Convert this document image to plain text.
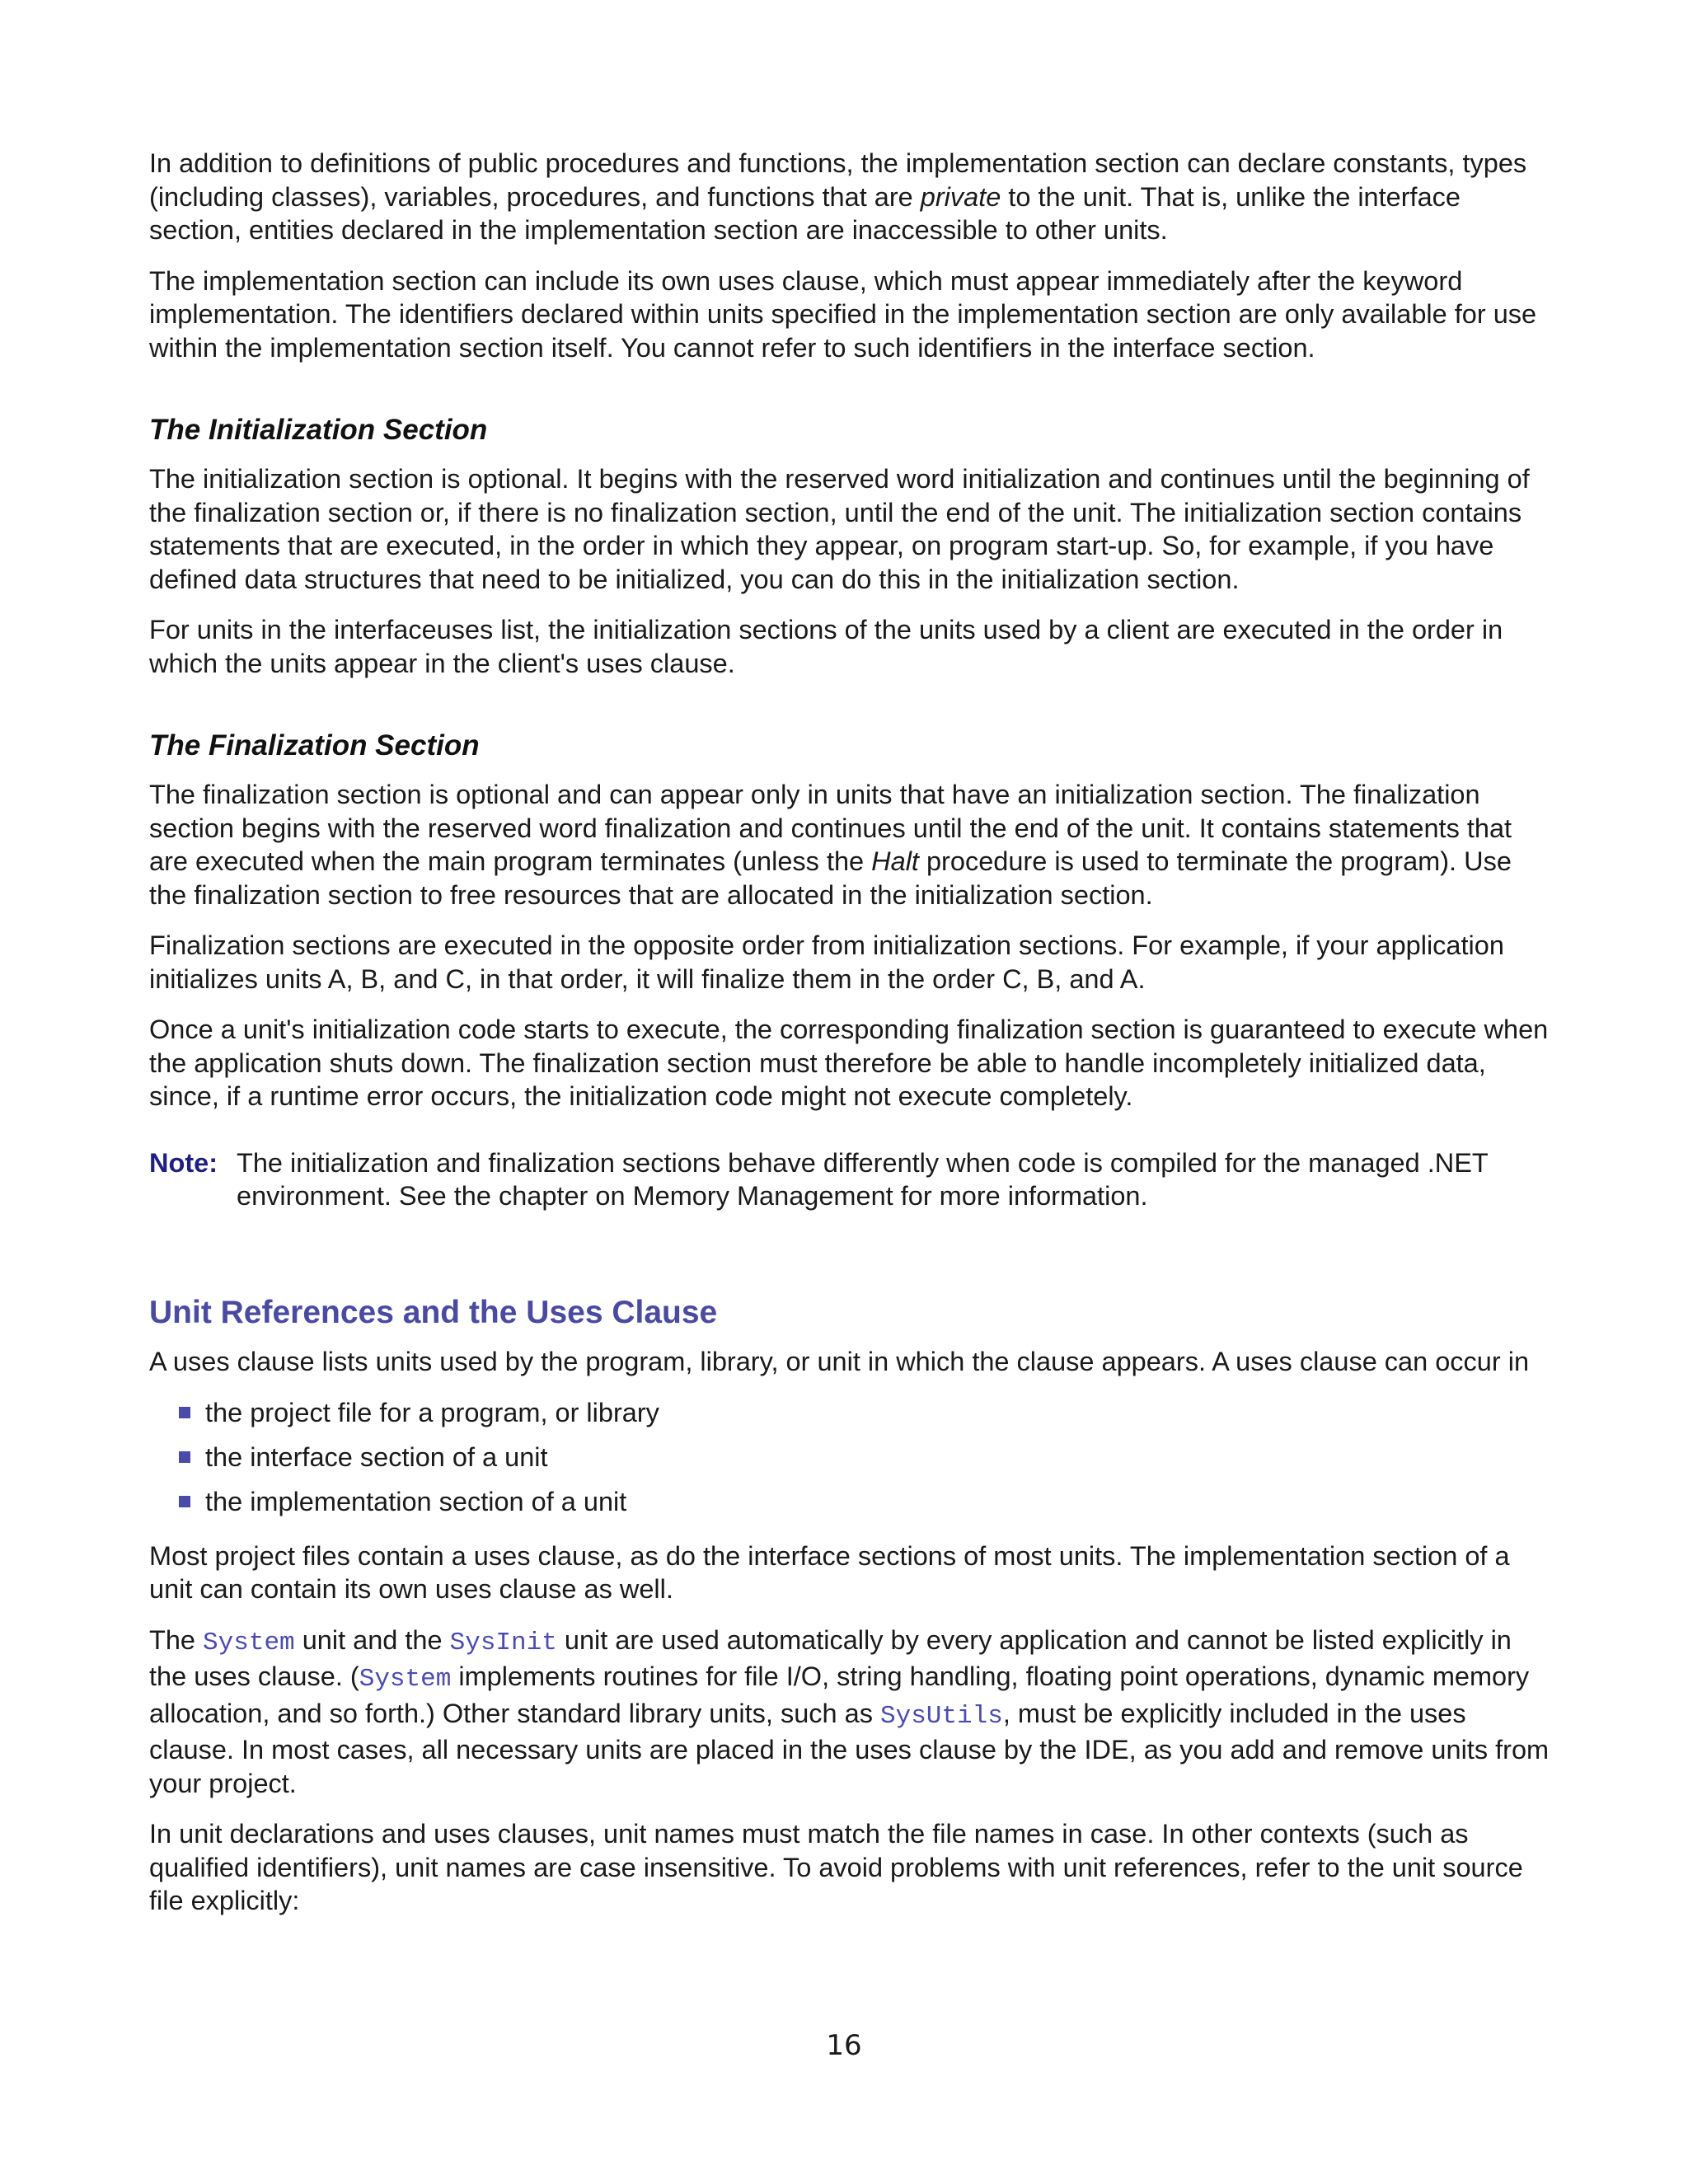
In addition to definitions of public procedures and functions, the implementation section can declare constants, types (including classes), variables, procedures, and functions that are private to the unit. That is, unlike the interface section, entities declared in the implementation section are inaccessible to other units.

The implementation section can include its own uses clause, which must appear immediately after the keyword implementation. The identifiers declared within units specified in the implementation section are only available for use within the implementation section itself. You cannot refer to such identifiers in the interface section.

The Initialization Section

The initialization section is optional. It begins with the reserved word initialization and continues until the beginning of the finalization section or, if there is no finalization section, until the end of the unit. The initialization section contains statements that are executed, in the order in which they appear, on program start-up. So, for example, if you have defined data structures that need to be initialized, you can do this in the initialization section.

For units in the interfaceuses list, the initialization sections of the units used by a client are executed in the order in which the units appear in the client's uses clause.

The Finalization Section

The finalization section is optional and can appear only in units that have an initialization section. The finalization section begins with the reserved word finalization and continues until the end of the unit. It contains statements that are executed when the main program terminates (unless the Halt procedure is used to terminate the program). Use the finalization section to free resources that are allocated in the initialization section.

Finalization sections are executed in the opposite order from initialization sections. For example, if your application initializes units A, B, and C, in that order, it will finalize them in the order C, B, and A.

Once a unit's initialization code starts to execute, the corresponding finalization section is guaranteed to execute when the application shuts down. The finalization section must therefore be able to handle incompletely initialized data, since, if a runtime error occurs, the initialization code might not execute completely.

Note: The initialization and finalization sections behave differently when code is compiled for the managed .NET environment. See the chapter on Memory Management for more information.
Unit References and the Uses Clause

A uses clause lists units used by the program, library, or unit in which the clause appears. A uses clause can occur in

the project file for a program, or library
the interface section of a unit
the implementation section of a unit

Most project files contain a uses clause, as do the interface sections of most units. The implementation section of a unit can contain its own uses clause as well.

The System unit and the SysInit unit are used automatically by every application and cannot be listed explicitly in the uses clause. (System implements routines for file I/O, string handling, floating point operations, dynamic memory allocation, and so forth.) Other standard library units, such as SysUtils, must be explicitly included in the uses clause. In most cases, all necessary units are placed in the uses clause by the IDE, as you add and remove units from your project.

In unit declarations and uses clauses, unit names must match the file names in case. In other contexts (such as qualified identifiers), unit names are case insensitive. To avoid problems with unit references, refer to the unit source file explicitly:

16
